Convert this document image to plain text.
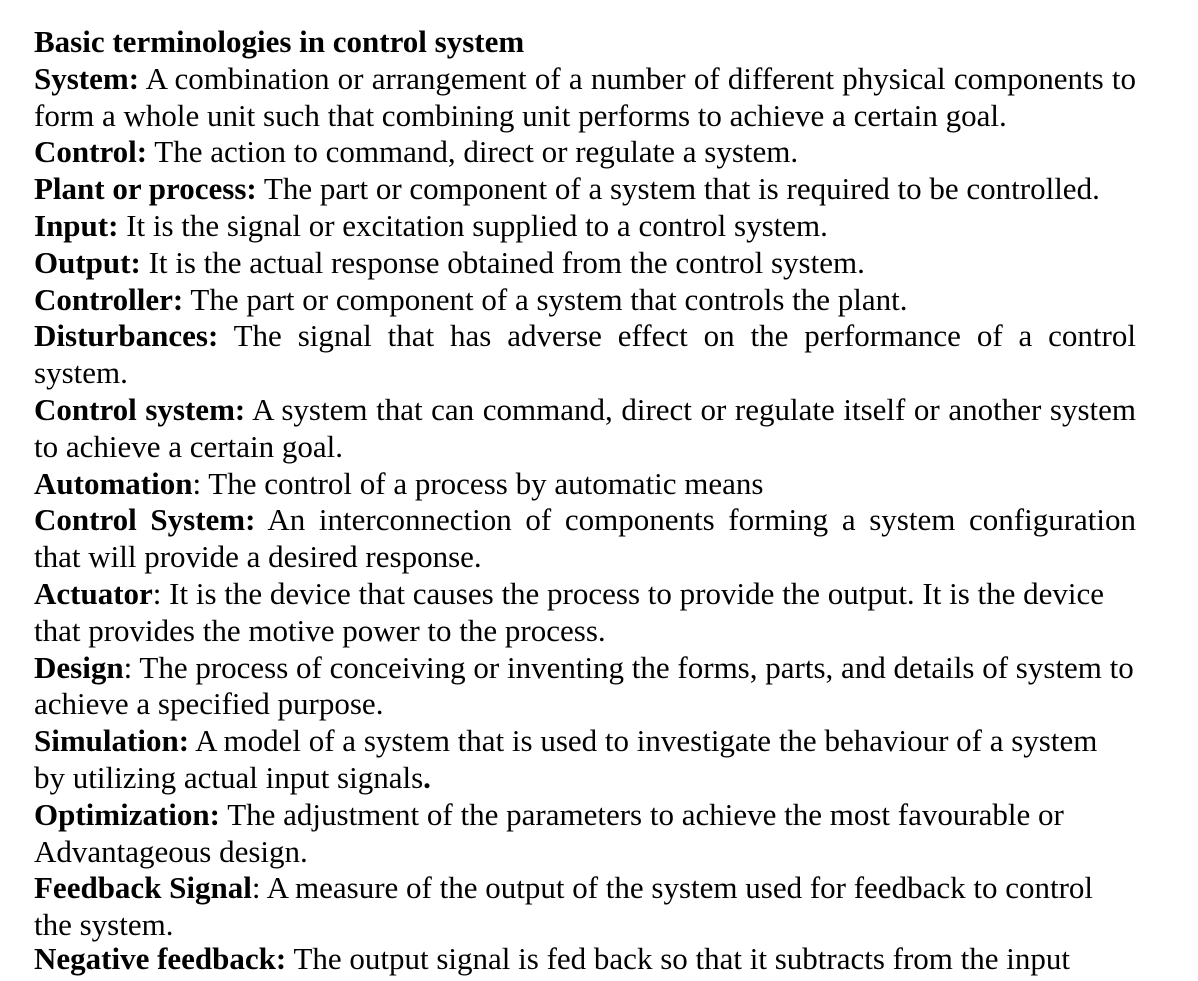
Basic terminologies in control system

System: A combination or arrangement of a number of different physical components to form a whole unit such that combining unit performs to achieve a certain goal.

Control: The action to command, direct or regulate a system.

Plant or process: The part or component of a system that is required to be controlled.

Input: It is the signal or excitation supplied to a control system.

Output: It is the actual response obtained from the control system.

Controller: The part or component of a system that controls the plant.

Disturbances: The signal that has adverse effect on the performance of a control system.

Control system: A system that can command, direct or regulate itself or another system to achieve a certain goal.

Automation: The control of a process by automatic means

Control System: An interconnection of components forming a system configuration that will provide a desired response.

Actuator: It is the device that causes the process to provide the output. It is the device that provides the motive power to the process.

Design: The process of conceiving or inventing the forms, parts, and details of system to achieve a specified purpose.

Simulation: A model of a system that is used to investigate the behaviour of a system by utilizing actual input signals.

Optimization: The adjustment of the parameters to achieve the most favourable or Advantageous design.

Feedback Signal: A measure of the output of the system used for feedback to control the system.

Negative feedback: The output signal is fed back so that it subtracts from the input
